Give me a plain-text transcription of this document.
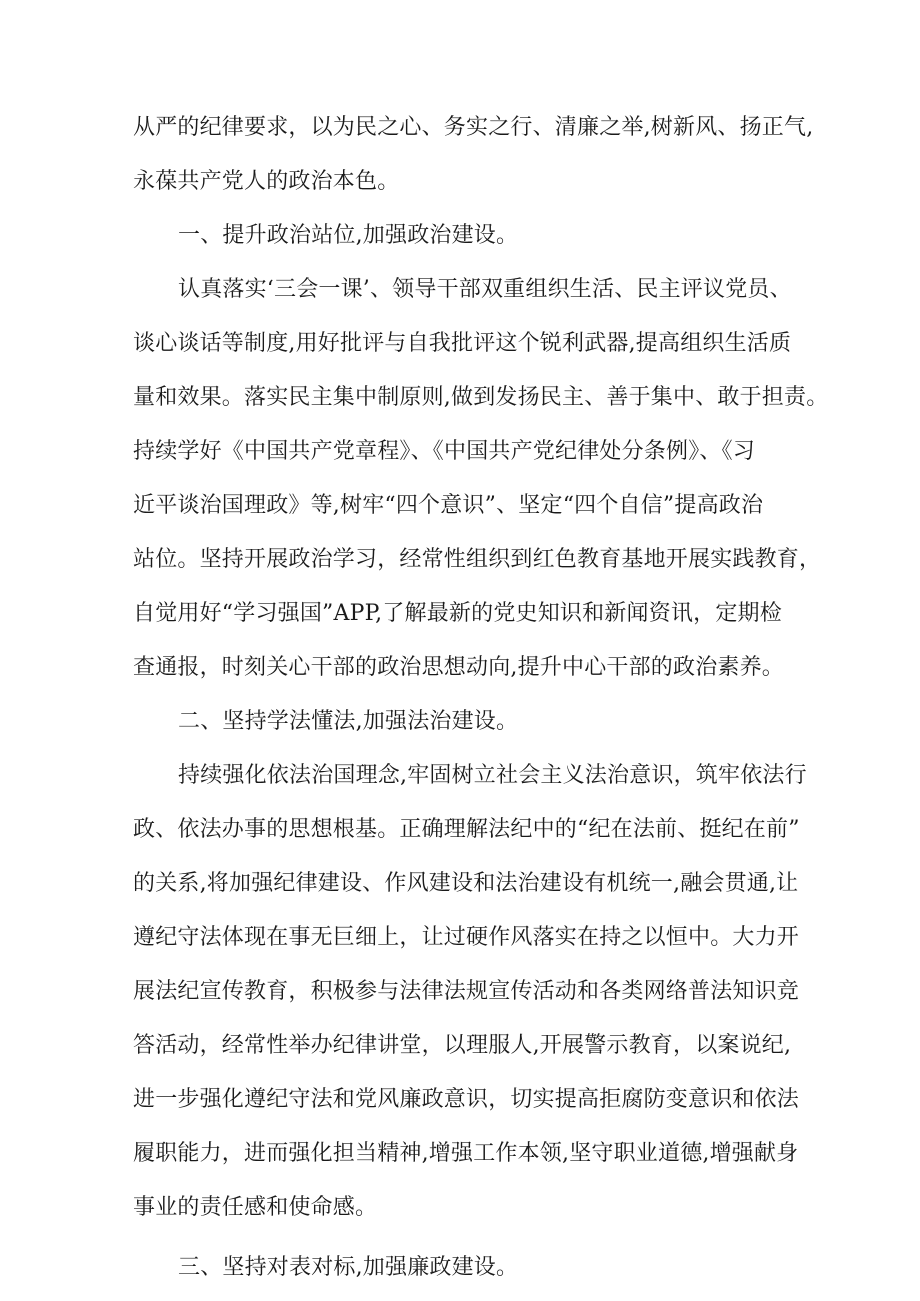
从严的纪律要求，以为民之心、务实之行、清廉之举,树新风、扬正气,
永葆共产党人的政治本色。
一、提升政治站位,加强政治建设。
认真落实‘三会一课’、领导干部双重组织生活、民主评议党员、
谈心谈话等制度,用好批评与自我批评这个锐利武器,提高组织生活质
量和效果。落实民主集中制原则,做到发扬民主、善于集中、敢于担责。
持续学好《中国共产党章程》、《中国共产党纪律处分条例》、《习
近平谈治国理政》等,树牢“四个意识”、坚定“四个自信”提高政治
站位。坚持开展政治学习，经常性组织到红色教育基地开展实践教育，
自觉用好“学习强国”APP,了解最新的党史知识和新闻资讯，定期检
查通报，时刻关心干部的政治思想动向,提升中心干部的政治素养。
二、坚持学法懂法,加强法治建设。
持续强化依法治国理念,牢固树立社会主义法治意识，筑牢依法行
政、依法办事的思想根基。正确理解法纪中的“纪在法前、挺纪在前”
的关系,将加强纪律建设、作风建设和法治建设有机统一,融会贯通,让
遵纪守法体现在事无巨细上，让过硬作风落实在持之以恒中。大力开
展法纪宣传教育，积极参与法律法规宣传活动和各类网络普法知识竞
答活动，经常性举办纪律讲堂，以理服人,开展警示教育，以案说纪,
进一步强化遵纪守法和党风廉政意识，切实提高拒腐防变意识和依法
履职能力，进而强化担当精神,增强工作本领,坚守职业道德,增强献身
事业的责任感和使命感。
三、坚持对表对标,加强廉政建设。
